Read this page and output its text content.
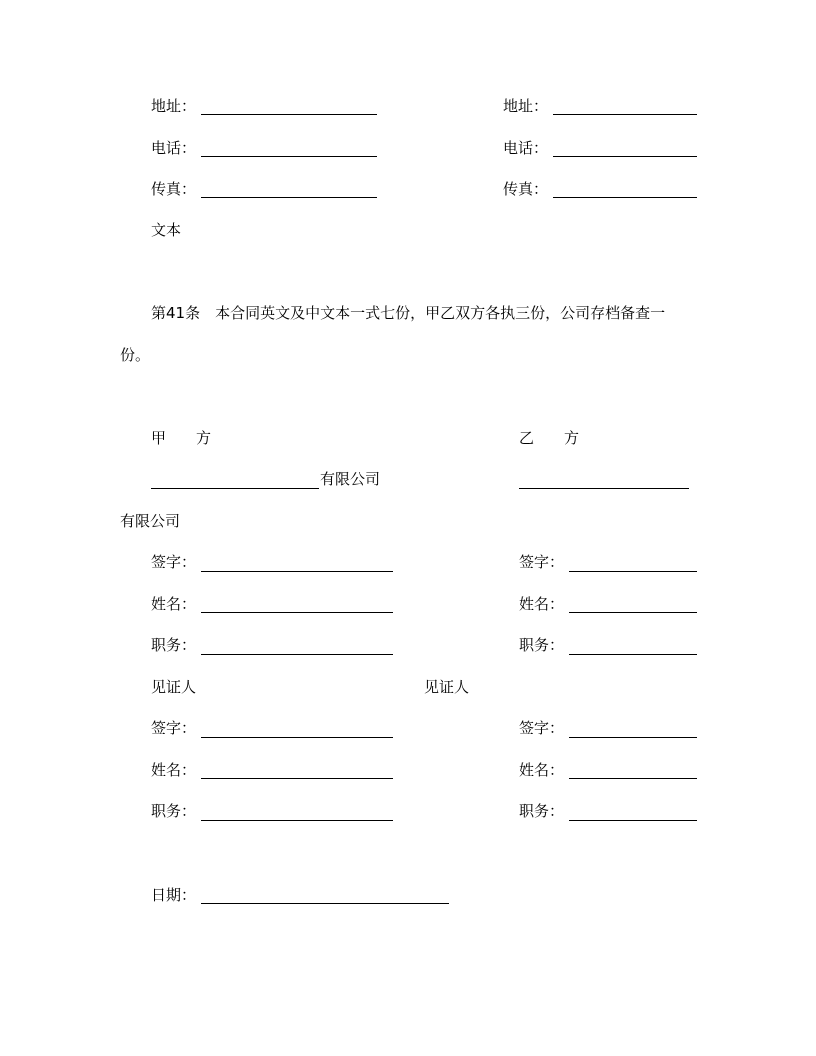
地址：
电话：
传真：
地址：
电话：
传真：
文本
第41条　本合同英文及中文本一式七份，甲乙双方各执三份，公司存档备查一
份。
甲　　方	乙　　方
有限公司
有限公司
签字：
姓名：
职务：
签字：
姓名：
职务：
见证人	见证人
签字：
姓名：
职务：
签字：
姓名：
职务：
日期：
